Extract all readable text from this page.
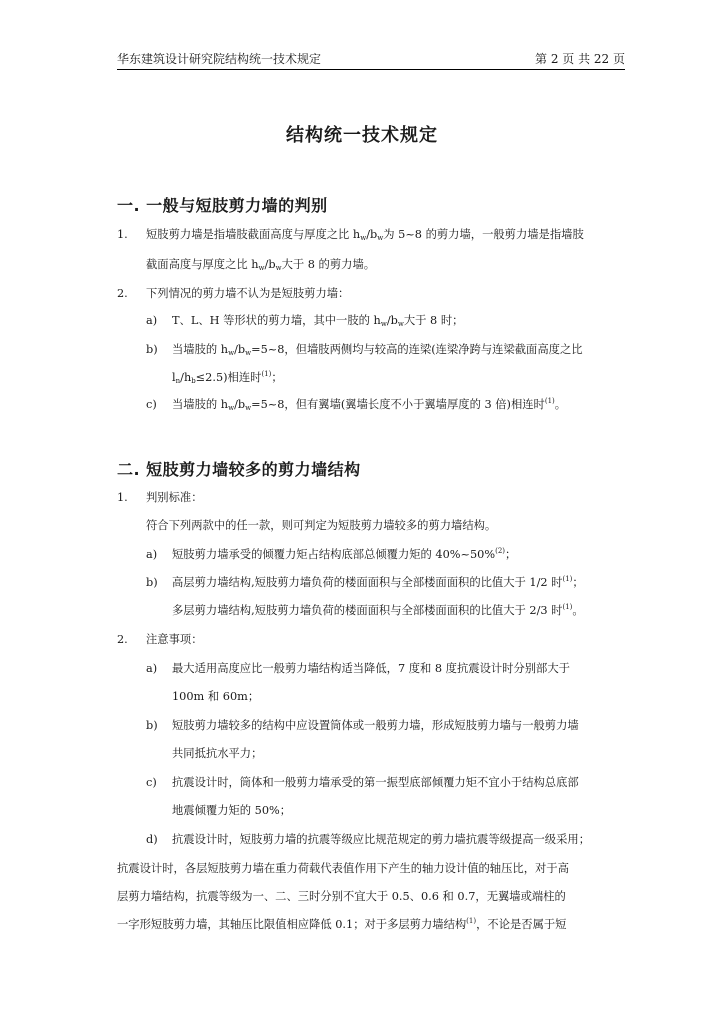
华东建筑设计研究院结构统一技术规定	第 2 页 共 22 页
结构统一技术规定
一. 一般与短肢剪力墙的判别
1. 短肢剪力墙是指墙肢截面高度与厚度之比 $h_w/b_w$为 5~8 的剪力墙，一般剪力墙是指墙肢
截面高度与厚度之比 $h_w/b_w$大于 8 的剪力墙。
2. 下列情况的剪力墙不认为是短肢剪力墙：
a) T、L、H 等形状的剪力墙，其中一肢的 $h_w/b_w$大于 8 时；
b) 当墙肢的 $h_w/b_w=5\sim 8$，但墙肢两侧均与较高的连梁(连梁净跨与连梁截面高度之比
$l_n/h_b\le 2.5$)相连时$^{(1)}$；
c) 当墙肢的 $h_w/b_w=5\sim 8$，但有翼墙(翼墙长度不小于翼墙厚度的 3 倍)相连时$^{(1)}$。
二. 短肢剪力墙较多的剪力墙结构
1. 判别标准：
符合下列两款中的任一款，则可判定为短肢剪力墙较多的剪力墙结构。
a) 短肢剪力墙承受的倾覆力矩占结构底部总倾覆力矩的 40%~50%$^{(2)}$；
b) 高层剪力墙结构,短肢剪力墙负荷的楼面面积与全部楼面面积的比值大于 1/2 时$^{(1)}$；
多层剪力墙结构,短肢剪力墙负荷的楼面面积与全部楼面面积的比值大于 2/3 时$^{(1)}$。
2. 注意事项：
a) 最大适用高度应比一般剪力墙结构适当降低，7 度和 8 度抗震设计时分别部大于
100m 和 60m；
b) 短肢剪力墙较多的结构中应设置筒体或一般剪力墙，形成短肢剪力墙与一般剪力墙
共同抵抗水平力；
c) 抗震设计时，筒体和一般剪力墙承受的第一振型底部倾覆力矩不宜小于结构总底部
地震倾覆力矩的 50%；
d) 抗震设计时，短肢剪力墙的抗震等级应比规范规定的剪力墙抗震等级提高一级采用；
抗震设计时，各层短肢剪力墙在重力荷载代表值作用下产生的轴力设计值的轴压比，对于高
层剪力墙结构，抗震等级为一、二、三时分别不宜大于 0.5、0.6 和 0.7，无翼墙或端柱的
一字形短肢剪力墙，其轴压比限值相应降低 0.1；对于多层剪力墙结构$^{(1)}$，不论是否属于短
